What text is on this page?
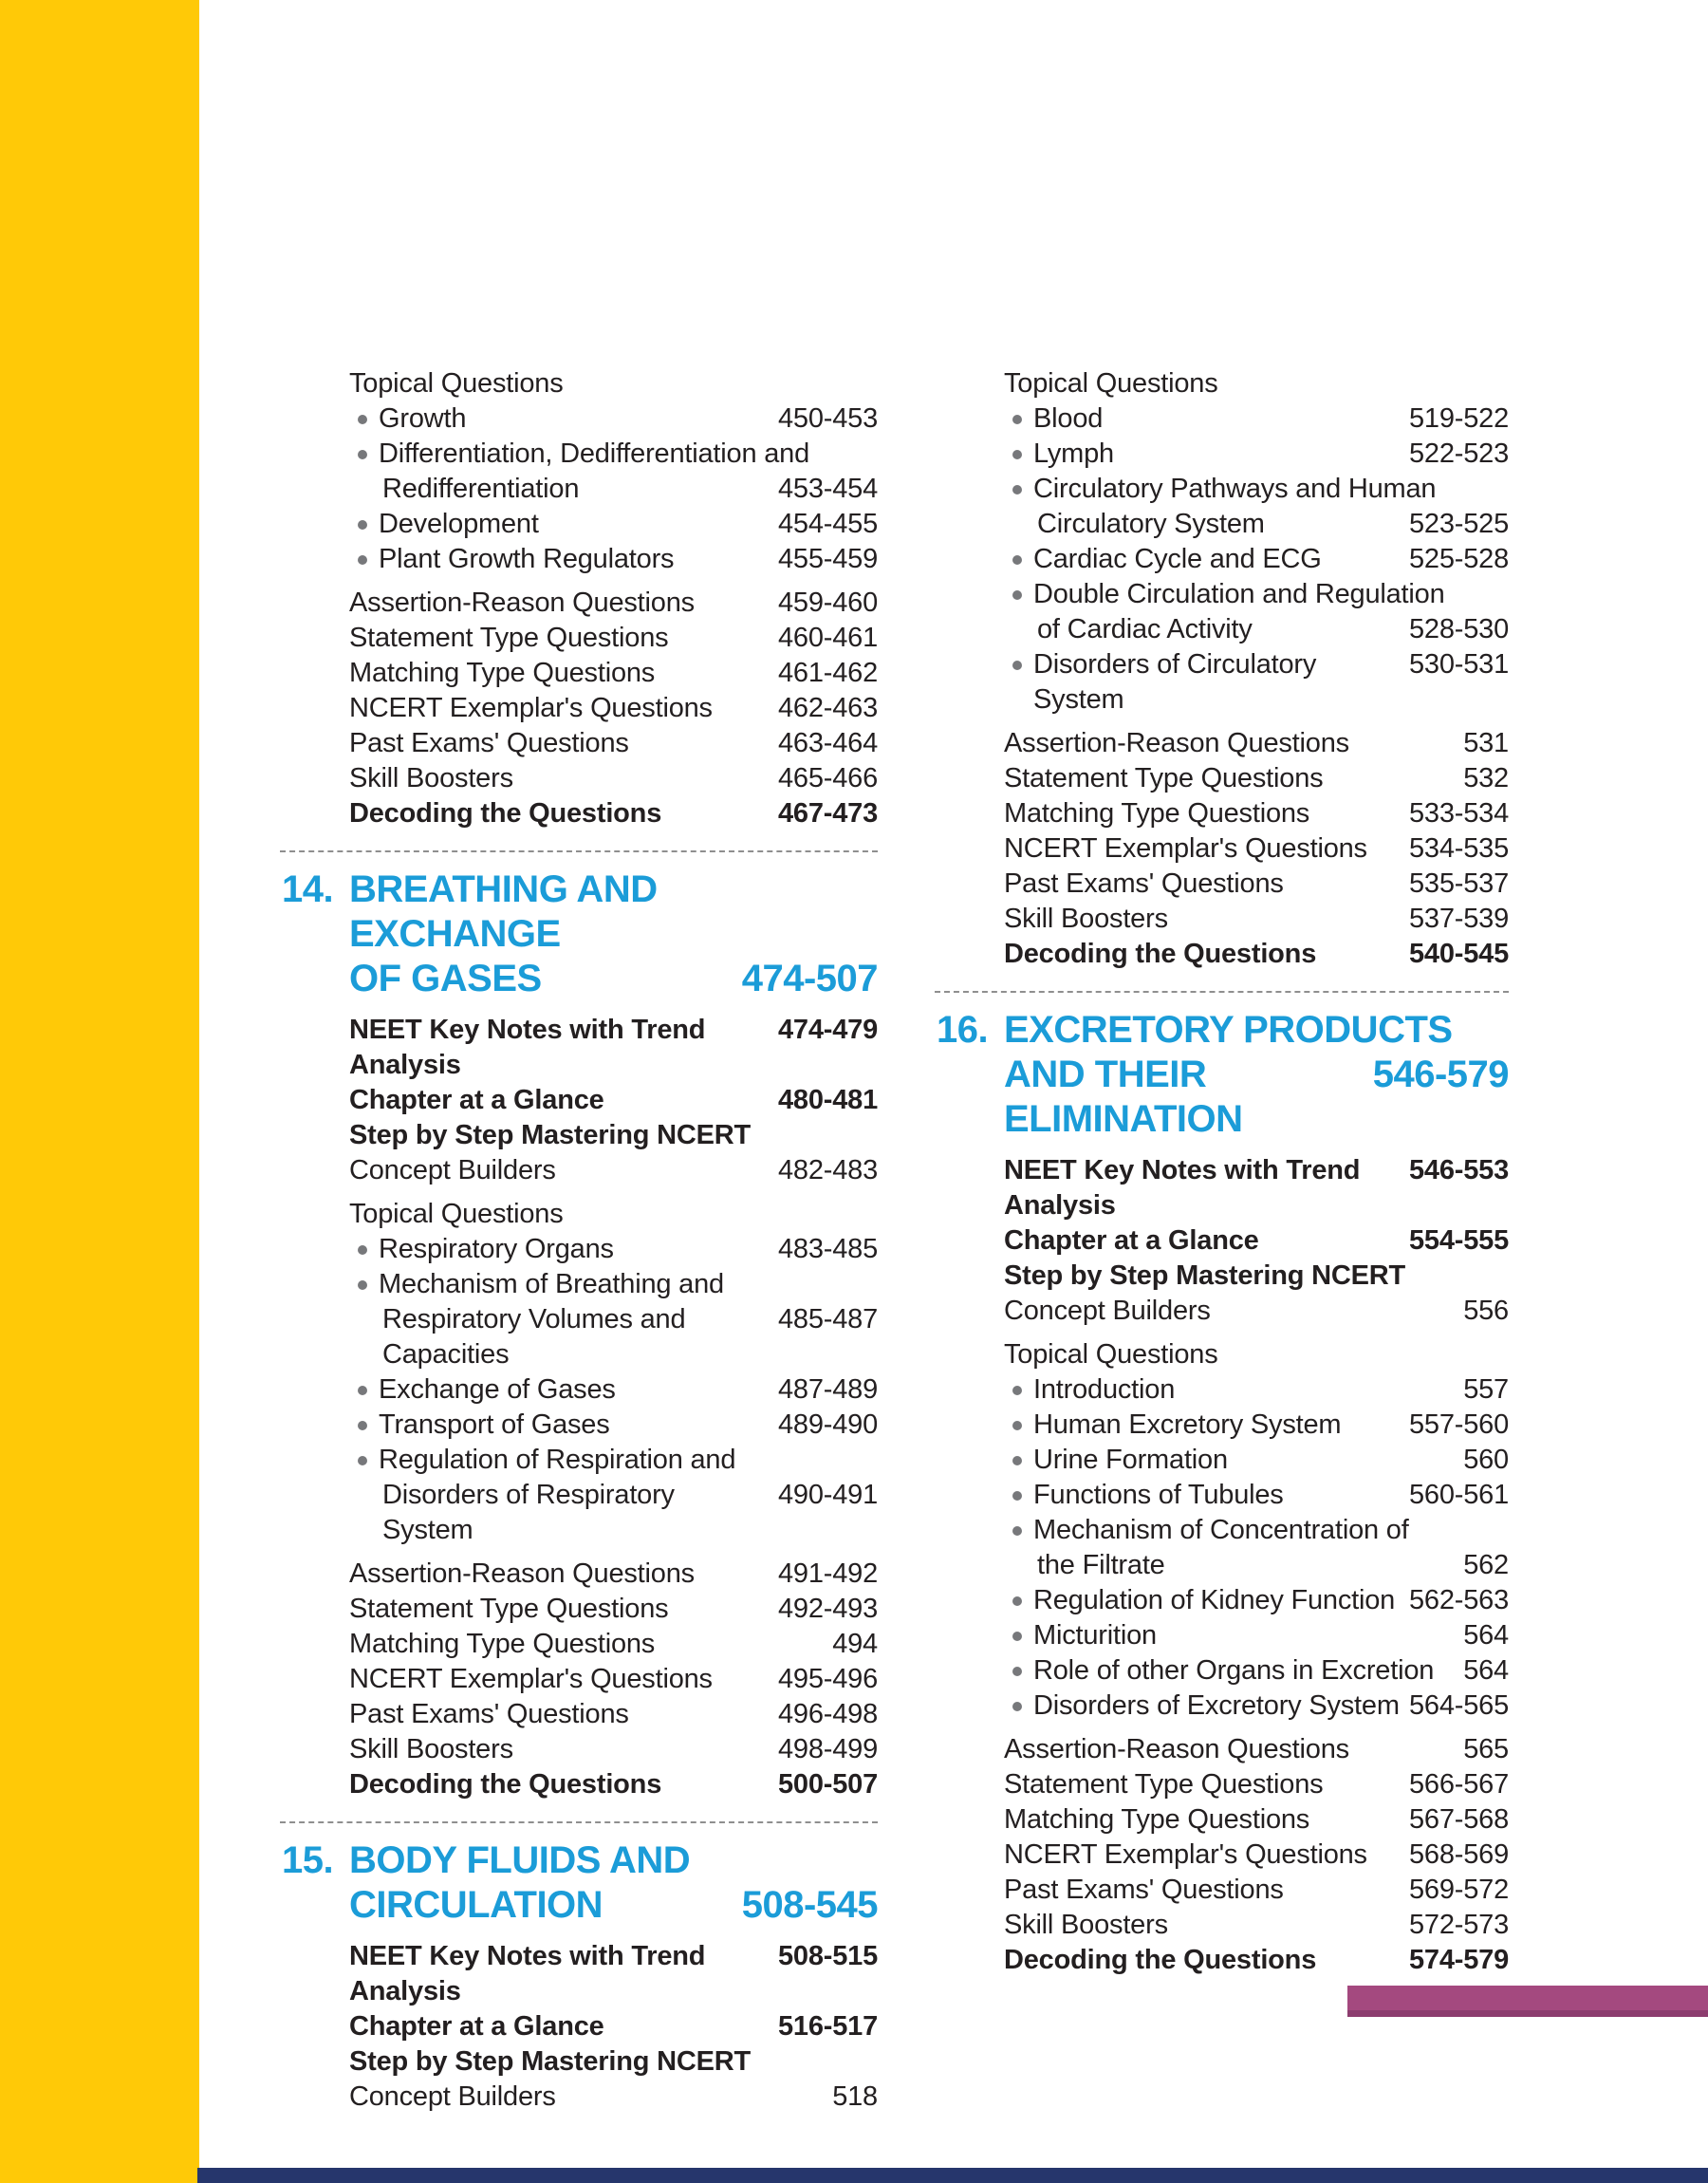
Topical Questions
Growth	450-453
Differentiation, Dedifferentiation and
Redifferentiation	453-454
Development	454-455
Plant Growth Regulators	455-459
Assertion-Reason Questions	459-460
Statement Type Questions	460-461
Matching Type Questions	461-462
NCERT Exemplar's Questions	462-463
Past Exams' Questions	463-464
Skill Boosters	465-466
Decoding the Questions	467-473
14. BREATHING AND EXCHANGE
OF GASES	474-507
NEET Key Notes with Trend Analysis
474-479
Chapter at a Glance	480-481
Step by Step Mastering NCERT
Concept Builders	482-483
Topical Questions
Respiratory Organs	483-485
Mechanism of Breathing and
Respiratory Volumes and Capacities
485-487
Exchange of Gases	487-489
Transport of Gases	489-490
Regulation of Respiration and
Disorders of Respiratory System
490-491
Assertion-Reason Questions	491-492
Statement Type Questions	492-493
Matching Type Questions	494
NCERT Exemplar's Questions	495-496
Past Exams' Questions	496-498
Skill Boosters	498-499
Decoding the Questions	500-507
15. BODY FLUIDS AND
CIRCULATION	508-545
NEET Key Notes with Trend Analysis
508-515
Chapter at a Glance	516-517
Step by Step Mastering NCERT
Concept Builders	518
Topical Questions
Blood	519-522
Lymph	522-523
Circulatory Pathways and Human
Circulatory System	523-525
Cardiac Cycle and ECG	525-528
Double Circulation and Regulation
of Cardiac Activity	528-530
Disorders of Circulatory System
530-531
Assertion-Reason Questions	531
Statement Type Questions	532
Matching Type Questions	533-534
NCERT Exemplar's Questions	534-535
Past Exams' Questions	535-537
Skill Boosters	537-539
Decoding the Questions	540-545
16. EXCRETORY PRODUCTS
AND THEIR ELIMINATION
546-579
NEET Key Notes with Trend Analysis
546-553
Chapter at a Glance	554-555
Step by Step Mastering NCERT
Concept Builders	556
Topical Questions
Introduction	557
Human Excretory System	557-560
Urine Formation	560
Functions of Tubules	560-561
Mechanism of Concentration of
the Filtrate	562
Regulation of Kidney Function 562-563
Micturition	564
Role of other Organs in Excretion	564
Disorders of Excretory System 564-565
Assertion-Reason Questions	565
Statement Type Questions	566-567
Matching Type Questions	567-568
NCERT Exemplar's Questions	568-569
Past Exams' Questions	569-572
Skill Boosters	572-573
Decoding the Questions	574-579
